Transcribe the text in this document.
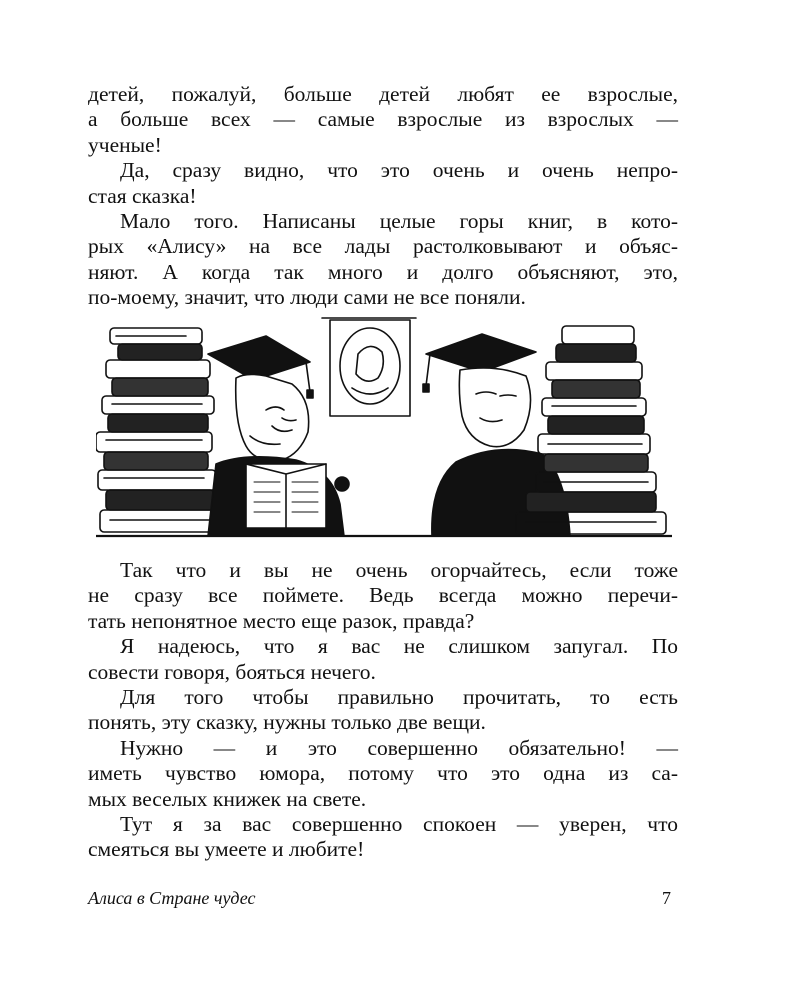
детей, пожалуй, больше детей любят ее взрослые,
а больше всех — самые взрослые из взрослых —
ученые!
Да, сразу видно, что это очень и очень непро-
стая сказка!
Мало того. Написаны целые горы книг, в кото-
рых «Алису» на все лады растолковывают и объяс-
няют. А когда так много и долго объясняют, это,
по-моему, значит, что люди сами не все поняли.
Так что и вы не очень огорчайтесь, если тоже
не сразу все поймете. Ведь всегда можно перечи-
тать непонятное место еще разок, правда?
Я надеюсь, что я вас не слишком запугал. По
совести говоря, бояться нечего.
Для того чтобы правильно прочитать, то есть
понять, эту сказку, нужны только две вещи.
Нужно — и это совершенно обязательно! —
иметь чувство юмора, потому что это одна из са-
мых веселых книжек на свете.
Тут я за вас совершенно спокоен — уверен, что
смеяться вы умеете и любите!
Алиса в Стране чудес	7
